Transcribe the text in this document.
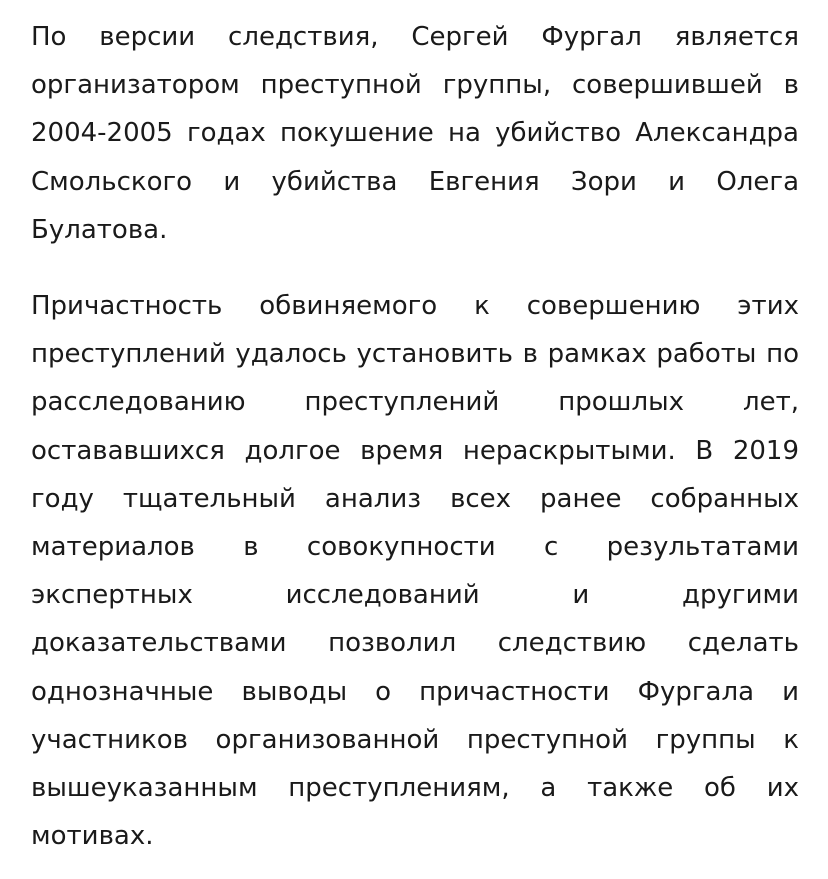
По версии следствия, Сергей Фургал является организатором преступной группы, совершившей в 2004-2005 годах покушение на убийство Александра Смольского и убийства Евгения Зори и Олега Булатова.

Причастность обвиняемого к совершению этих преступлений удалось установить в рамках работы по расследованию преступлений прошлых лет, остававшихся долгое время нераскрытыми. В 2019 году тщательный анализ всех ранее собранных материалов в совокупности с результатами экспертных исследований и другими доказательствами позволил следствию сделать однозначные выводы о причастности Фургала и участников организованной преступной группы к вышеуказанным преступлениям, а также об их мотивах.
